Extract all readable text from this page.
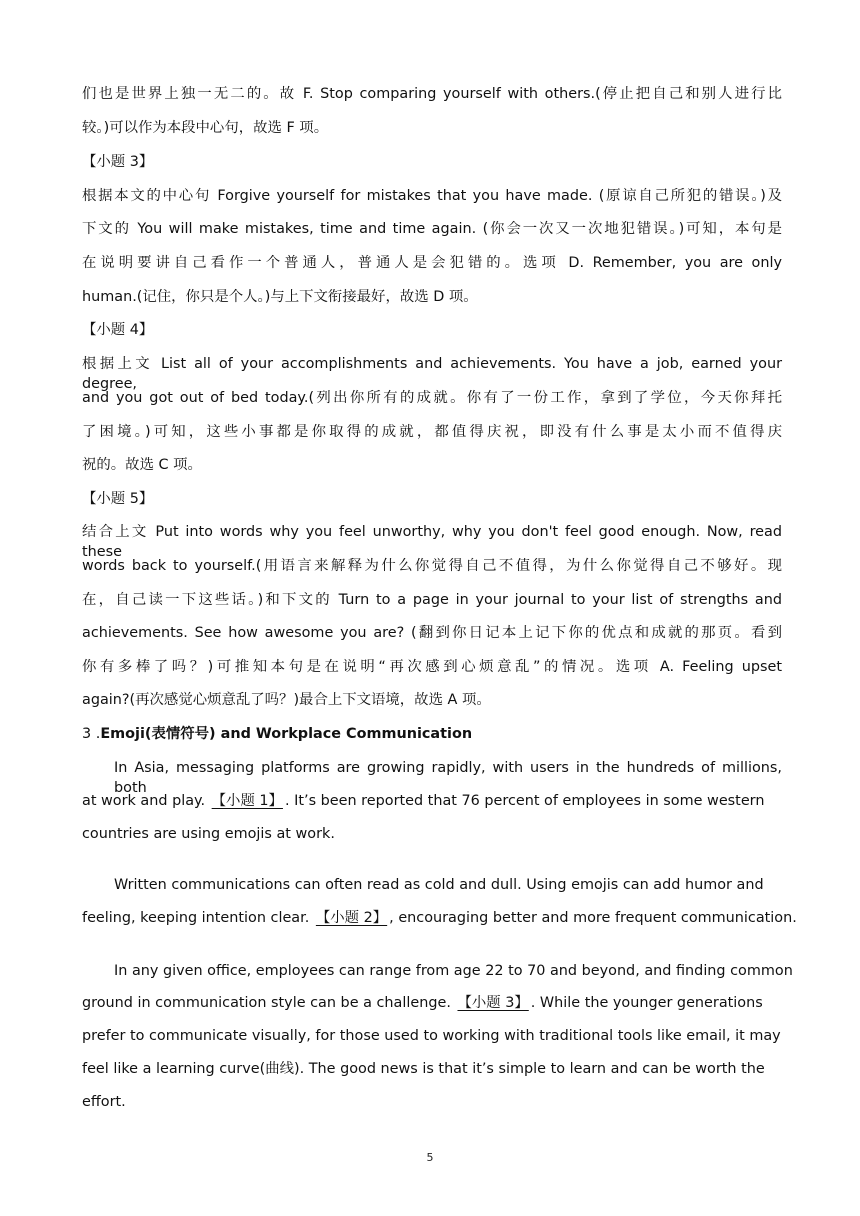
们也是世界上独一无二的。故 F. Stop comparing yourself with others.(停止把自己和别人进行比
较。)可以作为本段中心句，故选 F 项。
【小题 3】
根据本文的中心句 Forgive yourself for mistakes that you have made. (原谅自己所犯的错误。)及
下文的 You will make mistakes, time and time again. (你会一次又一次地犯错误。)可知，本句是
在说明要讲自己看作一个普通人，普通人是会犯错的。选项 D. Remember, you are only
human.(记住，你只是个人。)与上下文衔接最好，故选 D 项。
【小题 4】
根据上文 List all of your accomplishments and achievements. You have a job, earned your degree,
and you got out of bed today.(列出你所有的成就。你有了一份工作，拿到了学位，今天你拜托
了困境。)可知，这些小事都是你取得的成就，都值得庆祝，即没有什么事是太小而不值得庆
祝的。故选 C 项。
【小题 5】
结合上文 Put into words why you feel unworthy, why you don't feel good enough. Now, read these
words back to yourself.(用语言来解释为什么你觉得自己不值得，为什么你觉得自己不够好。现
在，自己读一下这些话。)和下文的 Turn to a page in your journal to your list of strengths and
achievements. See how awesome you are? (翻到你日记本上记下你的优点和成就的那页。看到
你有多棒了吗？)可推知本句是在说明“再次感到心烦意乱”的情况。选项 A. Feeling upset
again?(再次感觉心烦意乱了吗？)最合上下文语境，故选 A 项。
3 .Emoji(表情符号) and Workplace Communication
In Asia, messaging platforms are growing rapidly, with users in the hundreds of millions, both
at work and play. 【小题 1】 . It’s been reported that 76 percent of employees in some western
countries are using emojis at work.
Written communications can often read as cold and dull. Using emojis can add humor and
feeling, keeping intention clear. 【小题 2】 , encouraging better and more frequent communication.
In any given office, employees can range from age 22 to 70 and beyond, and finding common
ground in communication style can be a challenge. 【小题 3】 . While the younger generations
prefer to communicate visually, for those used to working with traditional tools like email, it may
feel like a learning curve(曲线). The good news is that it’s simple to learn and can be worth the
effort.
5
